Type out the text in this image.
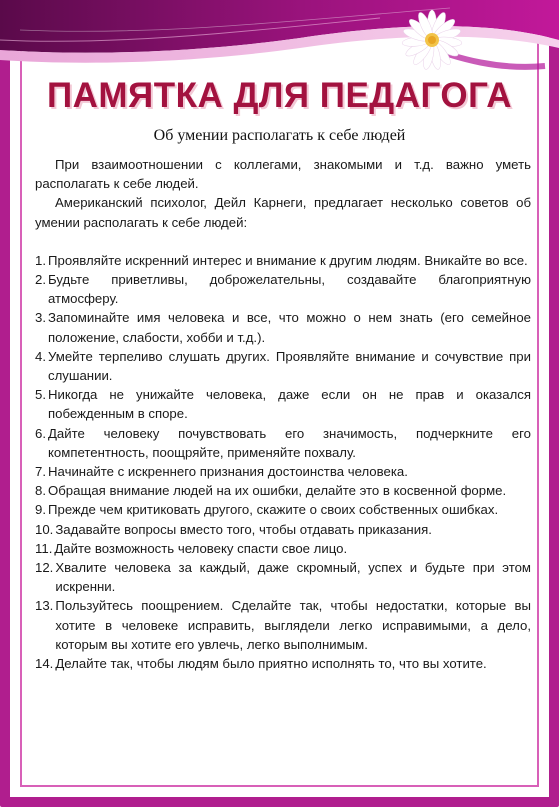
ПАМЯТКА ДЛЯ ПЕДАГОГА
Об умении располагать к себе людей

При взаимоотношении с коллегами, знакомыми и т.д. важно уметь располагать к себе людей.

Американский психолог, Дейл Карнеги, предлагает несколько советов об умении располагать к себе людей:

1. Проявляйте искренний интерес и внимание к другим людям. Вникайте во все.
2. Будьте приветливы, доброжелательны, создавайте благоприятную атмосферу.
3. Запоминайте имя человека и все, что можно о нем знать (его семейное положение, слабости, хобби и т.д.).
4. Умейте терпеливо слушать других. Проявляйте внимание и сочувствие при слушании.
5. Никогда не унижайте человека, даже если он не прав и оказался побежденным в споре.
6. Дайте человеку почувствовать его значимость, подчеркните его компетентность, поощряйте, применяйте похвалу.
7. Начинайте с искреннего признания достоинства человека.
8. Обращая внимание людей на их ошибки, делайте это в косвенной форме.
9. Прежде чем критиковать другого, скажите о своих собственных ошибках.
10. Задавайте вопросы вместо того, чтобы отдавать приказания.
11. Дайте возможность человеку спасти свое лицо.
12. Хвалите человека за каждый, даже скромный, успех и будьте при этом искренни.
13. Пользуйтесь поощрением. Сделайте так, чтобы недостатки, которые вы хотите в человеке исправить, выглядели легко исправимыми, а дело, которым вы хотите его увлечь, легко выполнимым.
14. Делайте так, чтобы людям было приятно исполнять то, что вы хотите.
